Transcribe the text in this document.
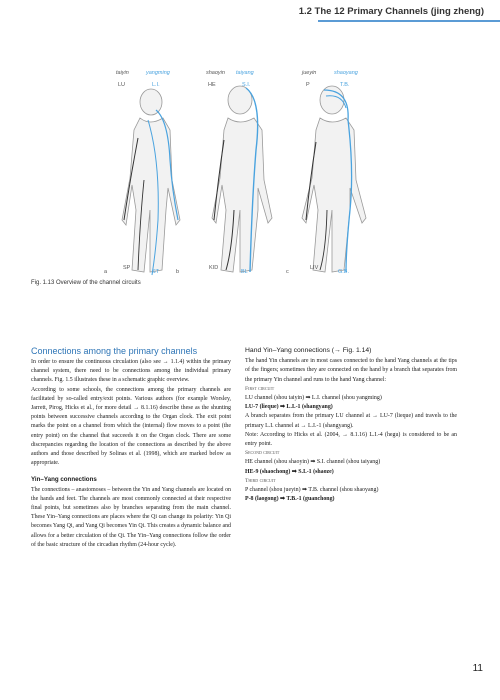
1.2 The 12 Primary Channels (jing zheng)
taiyin	yangming
LU	L.I.
shaoyin taiyang
HE	S.I.
jueyin	shaoyang
P	T.B.
SP
ST
KID
BL
LIV
G.B.
a	b	c
Fig. 1.13 Overview of the channel circuits
Connections among the primary channels

In order to ensure the continuous circulation (also see → 1.1.4) within the primary channel system, there need to be connections among the individual primary channels. Fig. 1.5 illustrates these in a schematic graphic overview.

According to some schools, the connections among the primary channels are facilitated by so-called entry/exit points. Various authors (for example Worsley, Jarrett, Pirog, Hicks et al., for more detail → 8.1.16) describe these as the shunting points between successive channels according to the Organ clock. The exit point marks the point on a channel from which the (internal) flow moves to a point (the entry point) on the channel that succeeds it on the Organ clock. There are some discrepancies regarding the location of the connections as described by the above authors and those described by Solinas et al. (1998), which are marked below as appropriate.

Yin–Yang connections

The connections – anastomoses – between the Yin and Yang channels are located on the hands and feet. The channels are most commonly connected at their respective final points, but sometimes also by branches separating from the main channel. These Yin–Yang connections are places where the Qi can change its polarity: Yin Qi becomes Yang Qi, and Yang Qi becomes Yin Qi. This creates a dynamic balance and allows for a better circulation of the Qi. The Yin–Yang connections follow the order of the basic structure of the circadian rhythm (24-hour cycle).

Hand Yin–Yang connections (→ Fig. 1.14)

The hand Yin channels are in most cases connected to the hand Yang channels at the tips of the fingers; sometimes they are connected on the hand by a branch that separates from the primary Yin channel and runs to the hand Yang channel:

First circuit

LU channel (shou taiyin) ➡ L.I. channel (shou yangming)

LU-7 (lieque) ➡ L.I.-1 (shangyang)

A branch separates from the primary LU channel at → LU-7 (lieque) and travels to the primary L.I. channel at → L.I.-1 (shangyang).

Note: According to Hicks et al. (2004, → 8.1.16) L.I.-4 (hegu) is considered to be an entry point.

Second circuit

HE channel (shou shaoyin) ➡ S.I. channel (shou taiyang)

HE-9 (shaochong) ➡ S.I.-1 (shaoze)

Third circuit

P channel (shou jueyin) ➡ T.B. channel (shou shaoyang)

P-8 (laogong) ➡ T.B.-1 (guanchong)

11
